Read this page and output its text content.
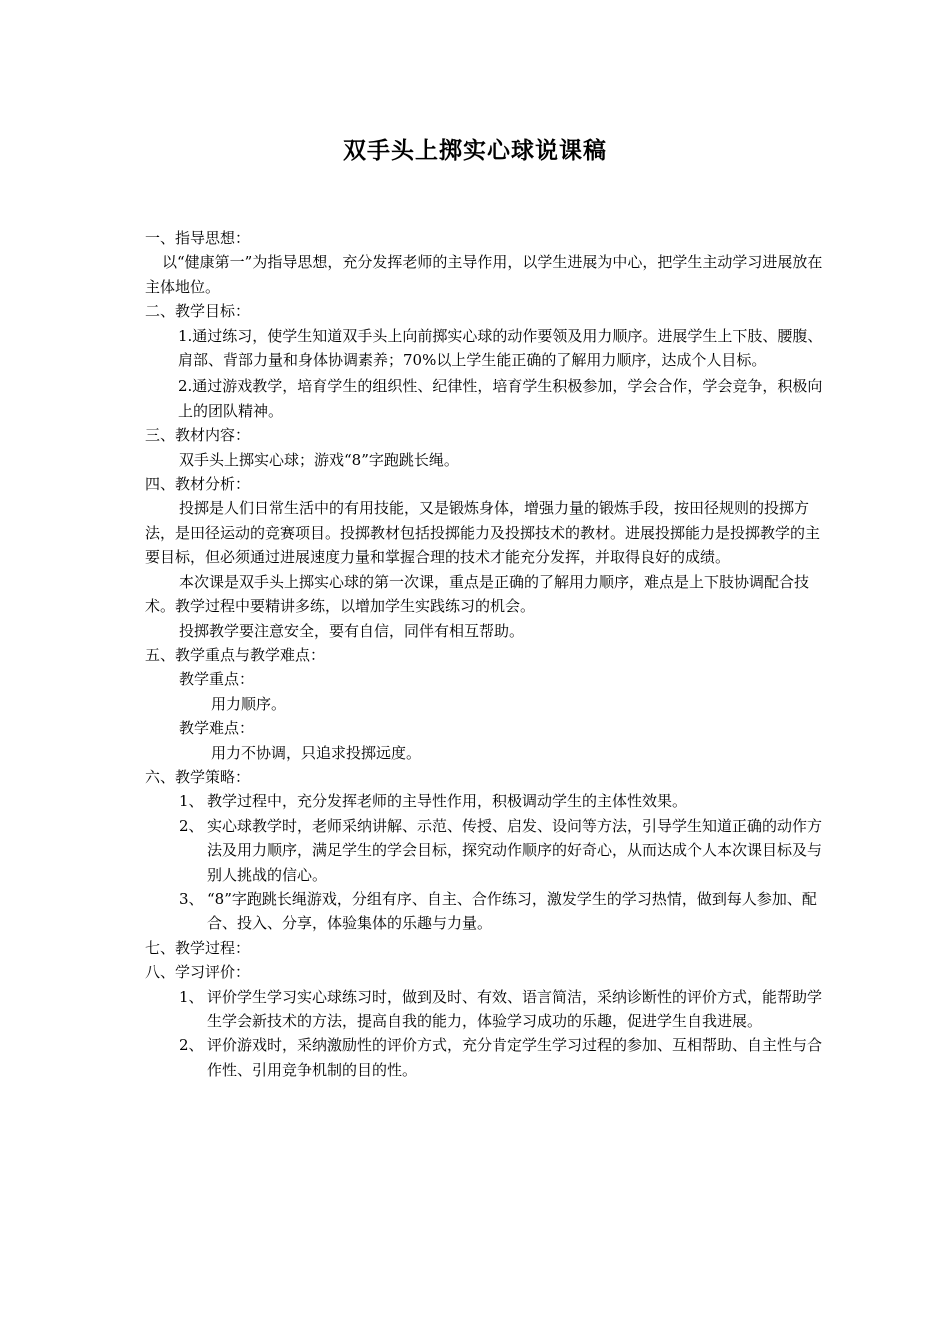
双手头上掷实心球说课稿

一、指导思想：

以“健康第一”为指导思想，充分发挥老师的主导作用，以学生进展为中心，把学生主动学习进展放在主体地位。

二、教学目标：

1.通过练习，使学生知道双手头上向前掷实心球的动作要领及用力顺序。进展学生上下肢、腰腹、肩部、背部力量和身体协调素养；70%以上学生能正确的了解用力顺序，达成个人目标。

2.通过游戏教学，培育学生的组织性、纪律性，培育学生积极参加，学会合作，学会竞争，积极向上的团队精神。

三、教材内容：

双手头上掷实心球；游戏“8”字跑跳长绳。

四、教材分析：

投掷是人们日常生活中的有用技能，又是锻炼身体，增强力量的锻炼手段，按田径规则的投掷方法，是田径运动的竞赛项目。投掷教材包括投掷能力及投掷技术的教材。进展投掷能力是投掷教学的主要目标，但必须通过进展速度力量和掌握合理的技术才能充分发挥，并取得良好的成绩。

本次课是双手头上掷实心球的第一次课，重点是正确的了解用力顺序，难点是上下肢协调配合技术。教学过程中要精讲多练，以增加学生实践练习的机会。

投掷教学要注意安全，要有自信，同伴有相互帮助。

五、教学重点与教学难点：

教学重点：

用力顺序。

教学难点：

用力不协调，只追求投掷远度。

六、教学策略：

1、 教学过程中，充分发挥老师的主导性作用，积极调动学生的主体性效果。
2、 实心球教学时，老师采纳讲解、示范、传授、启发、设问等方法，引导学生知道正确的动作方法及用力顺序，满足学生的学会目标，探究动作顺序的好奇心，从而达成个人本次课目标及与别人挑战的信心。
3、 “8”字跑跳长绳游戏，分组有序、自主、合作练习，激发学生的学习热情，做到每人参加、配合、投入、分享，体验集体的乐趣与力量。

七、教学过程：

八、学习评价：

1、 评价学生学习实心球练习时，做到及时、有效、语言简洁，采纳诊断性的评价方式，能帮助学生学会新技术的方法，提高自我的能力，体验学习成功的乐趣，促进学生自我进展。
2、 评价游戏时，采纳激励性的评价方式，充分肯定学生学习过程的参加、互相帮助、自主性与合作性、引用竞争机制的目的性。
